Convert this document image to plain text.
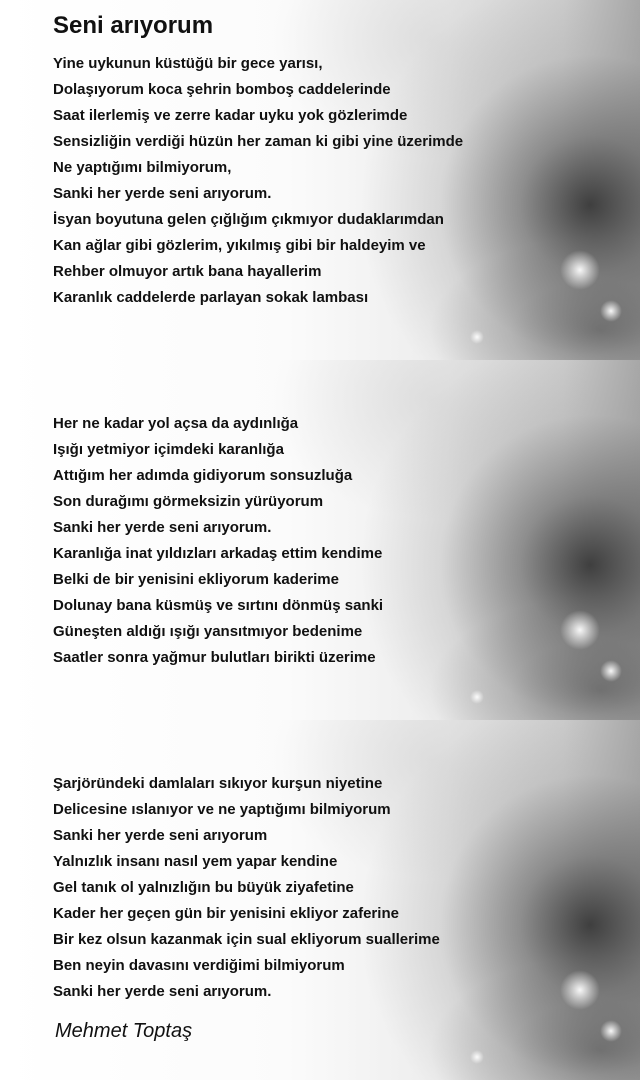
Seni arıyorum
Yine uykunun küstüğü bir gece yarısı,
Dolaşıyorum koca şehrin bomboş caddelerinde
Saat ilerlemiş ve zerre kadar uyku yok gözlerimde
Sensizliğin verdiği hüzün her zaman ki gibi yine üzerimde
Ne yaptığımı bilmiyorum,
Sanki her yerde seni arıyorum.
İsyan boyutuna gelen çığlığım çıkmıyor dudaklarımdan
Kan ağlar gibi gözlerim, yıkılmış gibi bir haldeyim ve
Rehber olmuyor artık bana hayallerim
Karanlık caddelerde parlayan sokak lambası
Her ne kadar yol açsa da aydınlığa
Işığı yetmiyor içimdeki karanlığa
Attığım her adımda gidiyorum sonsuzluğa
Son durağımı görmeksizin yürüyorum
Sanki her yerde seni arıyorum.
Karanlığa inat yıldızları arkadaş ettim kendime
Belki de bir yenisini ekliyorum kaderime
Dolunay bana küsmüş ve sırtını dönmüş sanki
Güneşten aldığı ışığı yansıtmıyor bedenime
Saatler sonra yağmur bulutları birikti üzerime
Şarjöründeki damlaları sıkıyor kurşun niyetine
Delicesine ıslanıyor ve ne yaptığımı bilmiyorum
Sanki her yerde seni arıyorum
Yalnızlık insanı nasıl yem yapar kendine
Gel tanık ol yalnızlığın bu büyük ziyafetine
Kader her geçen gün bir yenisini ekliyor zaferine
Bir kez olsun kazanmak için sual ekliyorum suallerime
Ben neyin davasını verdiğimi bilmiyorum
Sanki her yerde seni arıyorum.
Mehmet Toptaş
